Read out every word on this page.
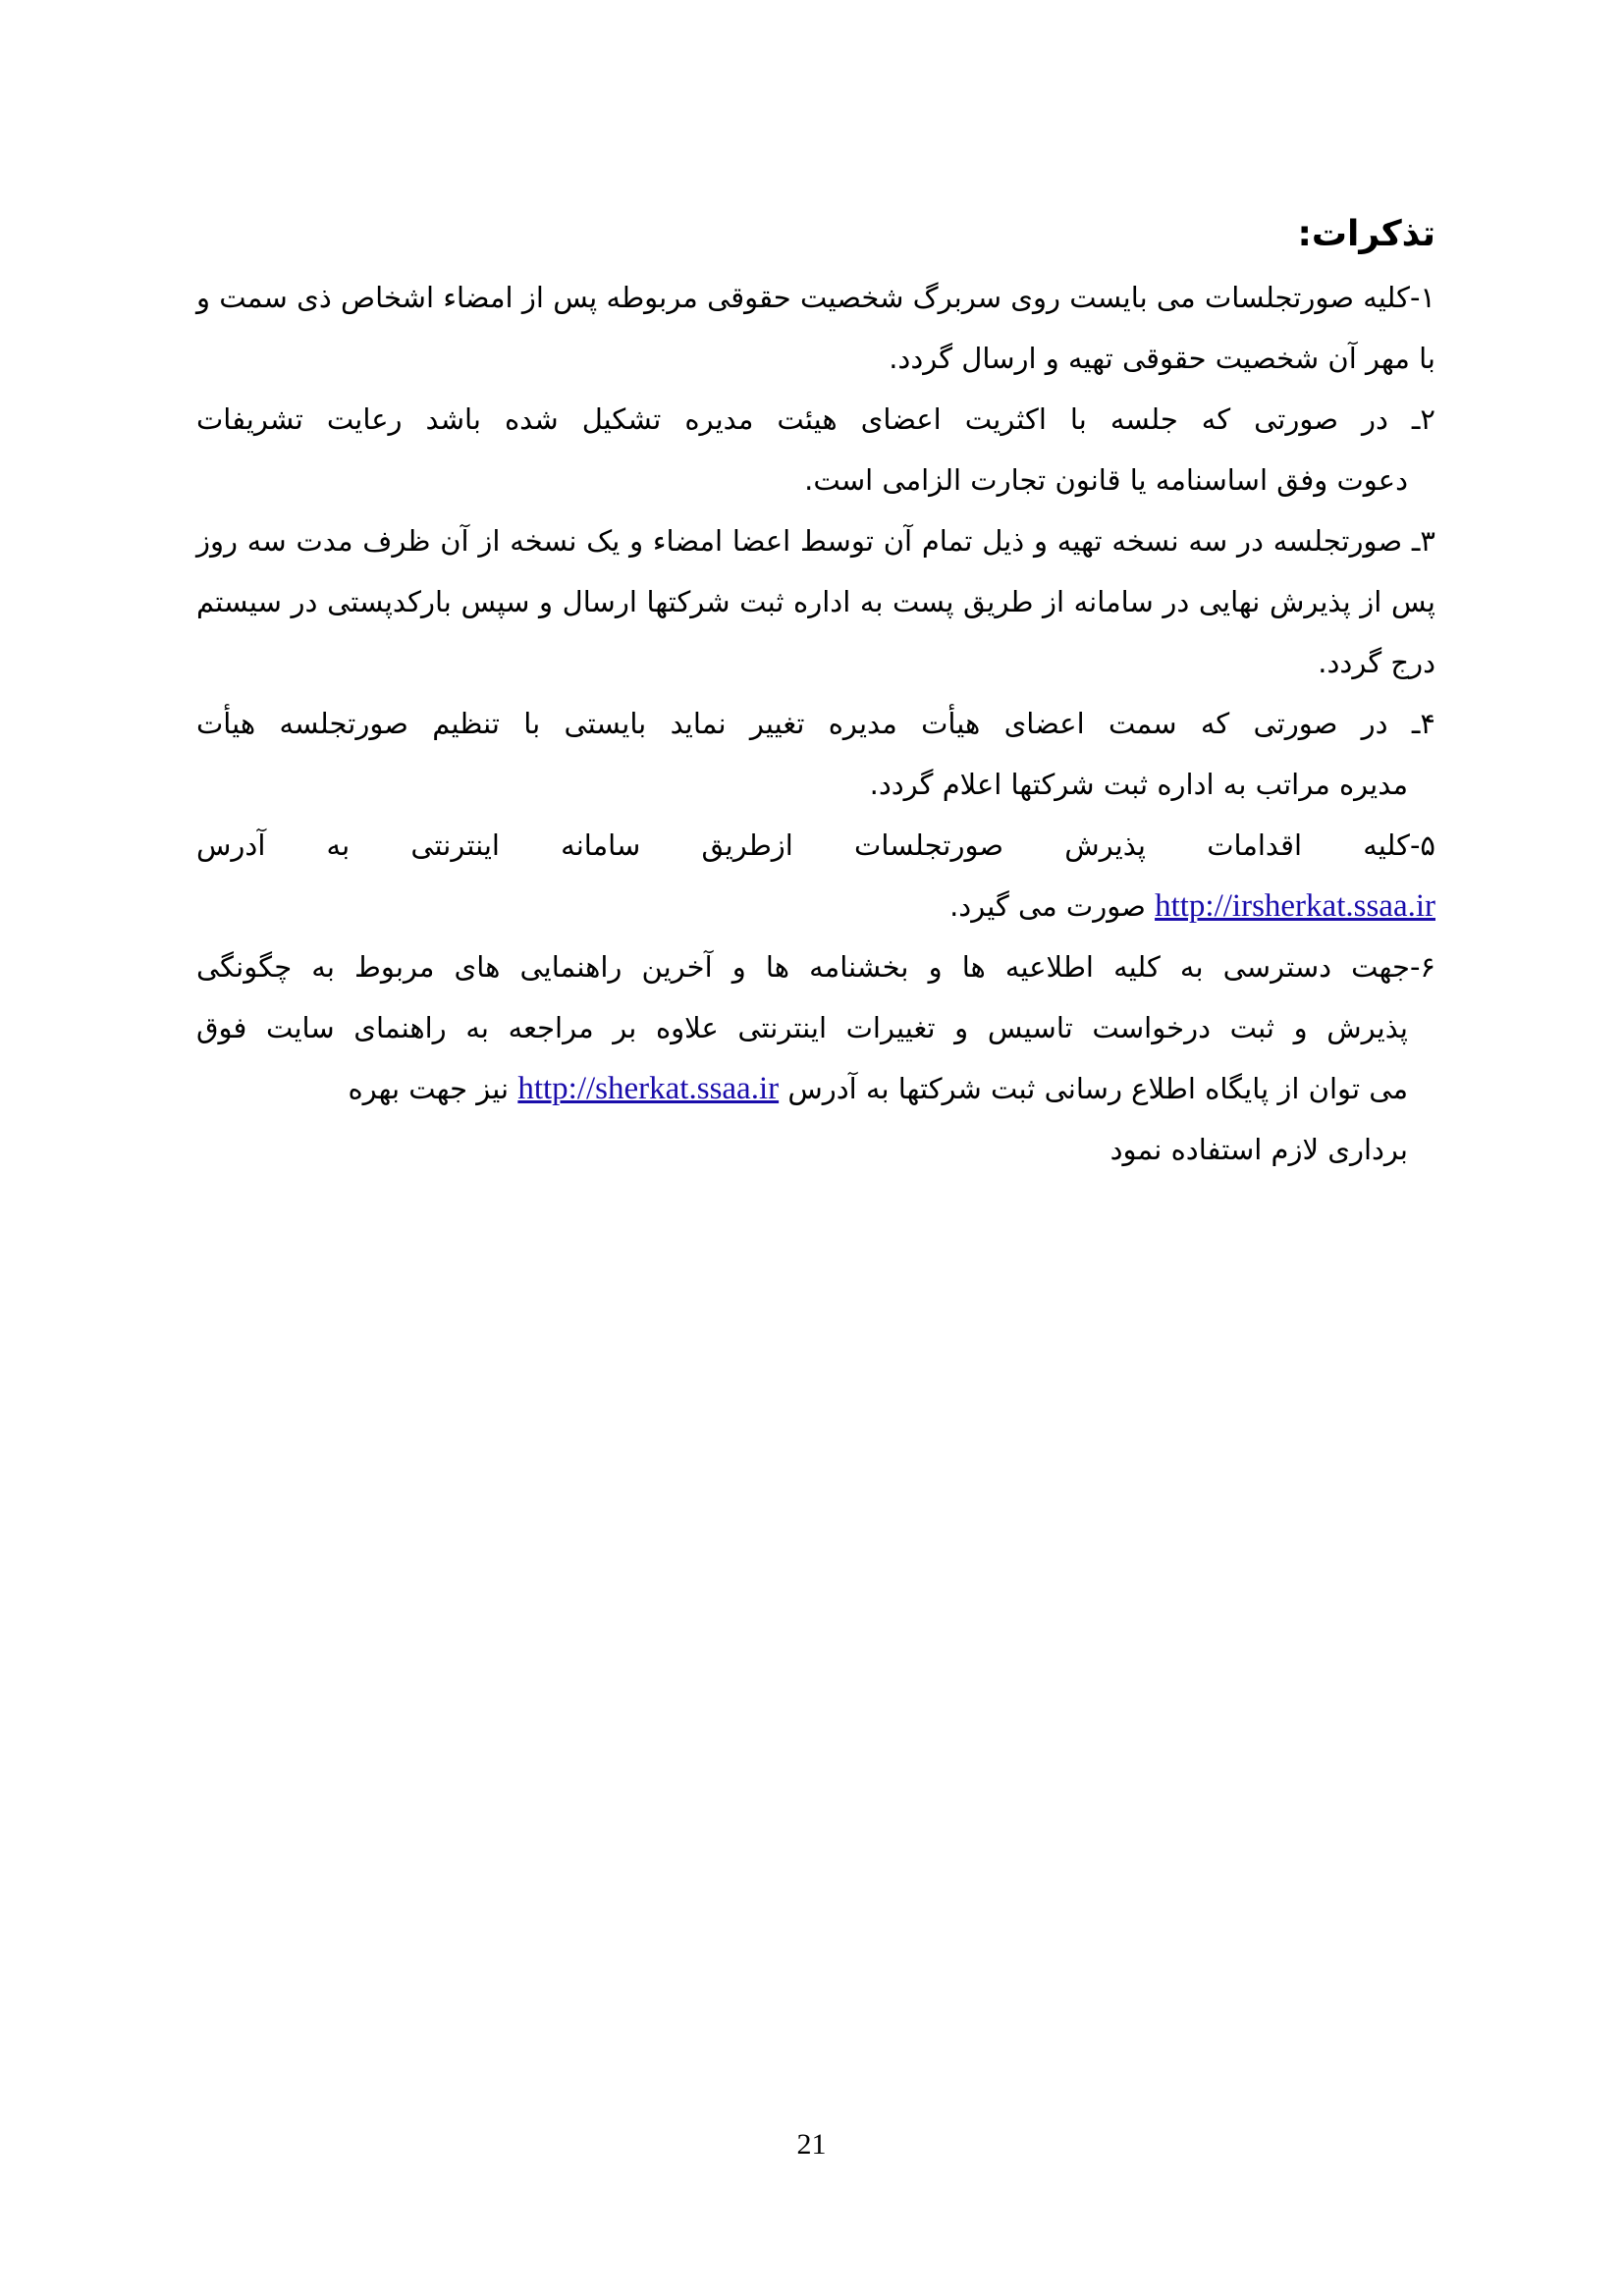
تذکرات:

۱-کلیه صورتجلسات می بایست روی سربرگ شخصیت حقوقی مربوطه پس از امضاء اشخاص ذی سمت و با مهر آن شخصیت حقوقی تهیه و ارسال گردد.

۲ـ در صورتی که جلسه با اکثریت اعضای هیئت مدیره تشکیل شده باشد رعایت تشریفات

دعوت وفق اساسنامه یا قانون تجارت الزامی است.

۳ـ صورتجلسه در سه نسخه تهیه و ذیل تمام آن توسط اعضا امضاء و یک نسخه از آن ظرف مدت سه روز پس از پذیرش نهایی در سامانه از طریق پست به اداره ثبت شرکتها ارسال و سپس بارکدپستی در سیستم درج گردد.

۴ـ در صورتی که سمت اعضای هیأت مدیره تغییر نماید بایستی با تنظیم صورتجلسه هیأت

مدیره مراتب به اداره ثبت شرکتها اعلام گردد.

۵-کلیه اقدامات پذیرش صورتجلسات ازطریق سامانه اینترنتی به آدرس

http://irsherkat.ssaa.ir صورت می گیرد.

۶-جهت دسترسی به کلیه اطلاعیه ها و بخشنامه ها و آخرین راهنمایی های مربوط به چگونگی

پذیرش و ثبت درخواست تاسیس و تغییرات اینترنتی علاوه بر مراجعه به راهنمای سایت فوق

می توان از پایگاه اطلاع رسانی ثبت شرکتها به آدرس http://sherkat.ssaa.ir نیز جهت بهره

برداری لازم استفاده نمود

21
